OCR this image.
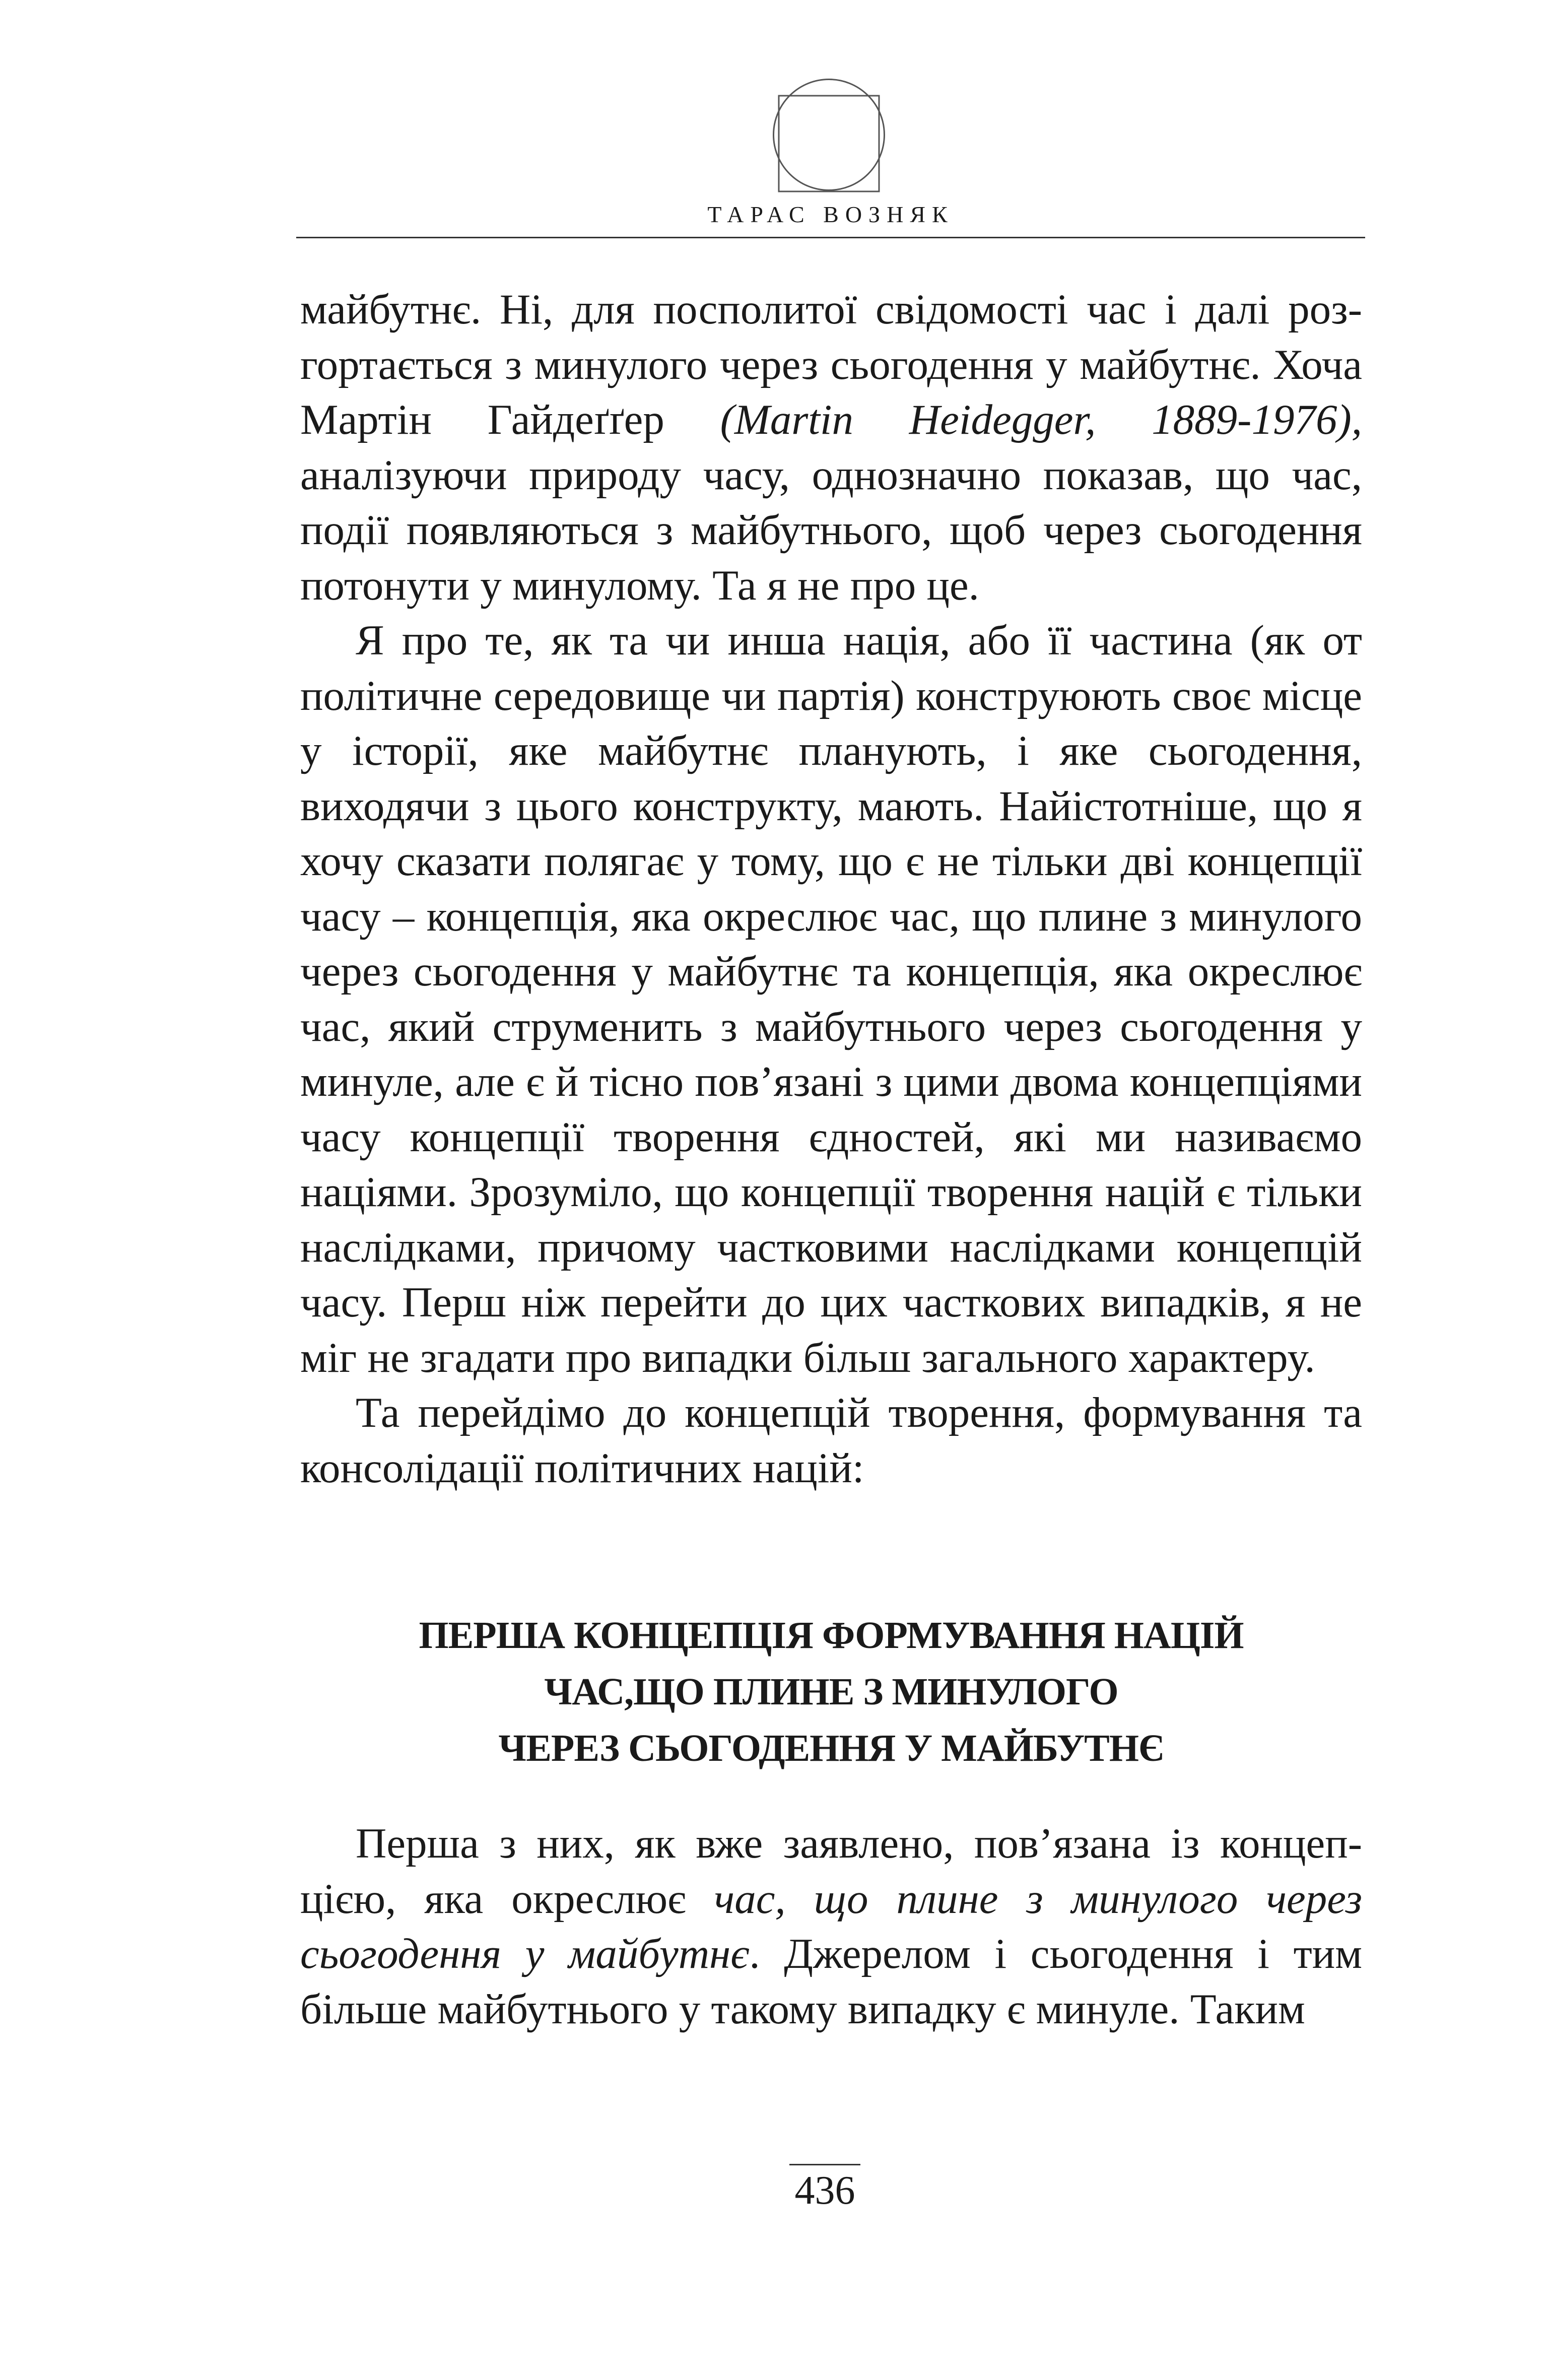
ТАРАС ВОЗНЯК

майбутнє. Ні, для посполитої свідомості час і далі розгортається з минулого через сьогодення у майбутнє. Хоча Мартін Гайдеґґер (Martin Heidegger, 1889-1976), аналізуючи природу часу, однозначно показав, що час, події появляються з майбутнього, щоб через сьогодення потонути у минулому. Та я не про це.

Я про те, як та чи инша нація, або її частина (як от політичне середовище чи партія) конструюють своє місце у історії, яке майбутнє планують, і яке сьогодення, виходячи з цього конструкту, мають. Найістотніше, що я хочу сказати полягає у тому, що є не тільки дві концепції часу – концепція, яка окреслює час, що плине з минулого через сьогодення у майбутнє та концепція, яка окреслює час, який струменить з майбутнього через сьогодення у минуле, але є й тісно пов’язані з цими двома концепціями часу концепції творення єдностей, які ми називаємо націями. Зрозуміло, що концепції творення націй є тільки наслідками, причому частковими наслідками концепцій часу. Перш ніж перейти до цих часткових випадків, я не міг не згадати про випадки більш загального характеру.

Та перейдімо до концепцій творення, формування та консолідації політичних націй:

ПЕРША КОНЦЕПЦІЯ ФОРМУВАННЯ НАЦІЙ
ЧАС,ЩО ПЛИНЕ З МИНУЛОГО
ЧЕРЕЗ СЬОГОДЕННЯ У МАЙБУТНЄ

Перша з них, як вже заявлено, пов’язана із концепцією, яка окреслює час, що плине з минулого через сьогодення у майбутнє. Джерелом і сьогодення і тим більше майбутнього у такому випадку є минуле. Таким

436
